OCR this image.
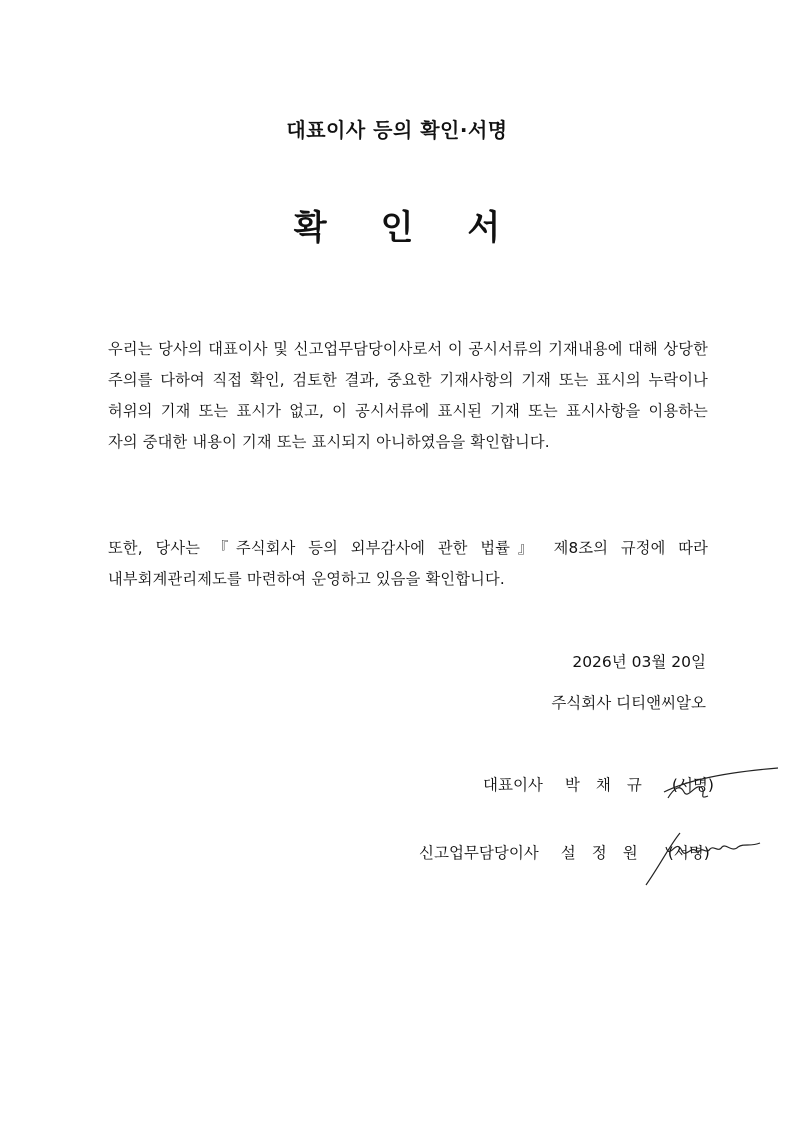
대표이사 등의 확인·서명
확 인 서

우리는 당사의 대표이사 및 신고업무담당이사로서 이 공시서류의 기재내용에 대해 상당한 주의를 다하여 직접 확인, 검토한 결과, 중요한 기재사항의 기재 또는 표시의 누락이나 허위의 기재 또는 표시가 없고, 이 공시서류에 표시된 기재 또는 표시사항을 이용하는 자의 중대한 내용이 기재 또는 표시되지 아니하였음을 확인합니다.

또한, 당사는 『주식회사 등의 외부감사에 관한 법률』 제8조의 규정에 따라 내부회계관리제도를 마련하여 운영하고 있음을 확인합니다.

2026년 03월 20일
주식회사 디티앤씨알오
대표이사 박 채 규 (서명)
신고업무담당이사 설 정 원 (서명)
